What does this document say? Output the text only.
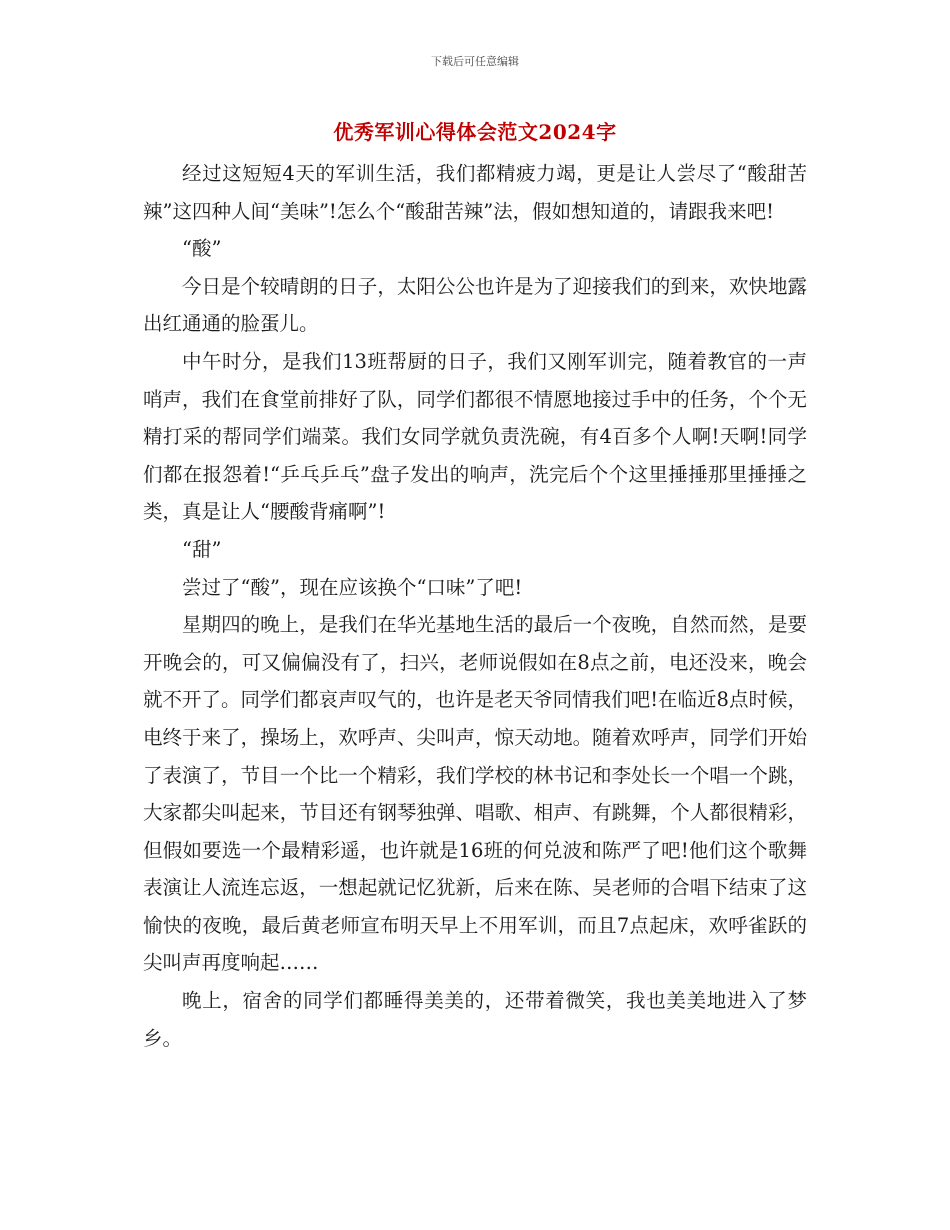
下载后可任意编辑
优秀军训心得体会范文2024字

经过这短短4天的军训生活，我们都精疲力竭，更是让人尝尽了“酸甜苦辣”这四种人间“美味”!怎么个“酸甜苦辣”法，假如想知道的，请跟我来吧!

“酸”

今日是个较晴朗的日子，太阳公公也许是为了迎接我们的到来，欢快地露出红通通的脸蛋儿。

中午时分，是我们13班帮厨的日子，我们又刚军训完，随着教官的一声哨声，我们在食堂前排好了队，同学们都很不情愿地接过手中的任务，个个无精打采的帮同学们端菜。我们女同学就负责洗碗，有4百多个人啊!天啊!同学们都在报怨着!“乒乓乒乓”盘子发出的响声，洗完后个个这里捶捶那里捶捶之类，真是让人“腰酸背痛啊”!

“甜”

尝过了“酸”，现在应该换个“口味”了吧!

星期四的晚上，是我们在华光基地生活的最后一个夜晚，自然而然，是要开晚会的，可又偏偏没有了，扫兴，老师说假如在8点之前，电还没来，晚会就不开了。同学们都哀声叹气的，也许是老天爷同情我们吧!在临近8点时候，电终于来了，操场上，欢呼声、尖叫声，惊天动地。随着欢呼声，同学们开始了表演了，节目一个比一个精彩，我们学校的林书记和李处长一个唱一个跳，大家都尖叫起来，节目还有钢琴独弹、唱歌、相声、有跳舞，个人都很精彩，但假如要选一个最精彩遥，也许就是16班的何兑波和陈严了吧!他们这个歌舞表演让人流连忘返，一想起就记忆犹新，后来在陈、吴老师的合唱下结束了这愉快的夜晚，最后黄老师宣布明天早上不用军训，而且7点起床，欢呼雀跃的尖叫声再度响起……

晚上，宿舍的同学们都睡得美美的，还带着微笑，我也美美地进入了梦乡。
